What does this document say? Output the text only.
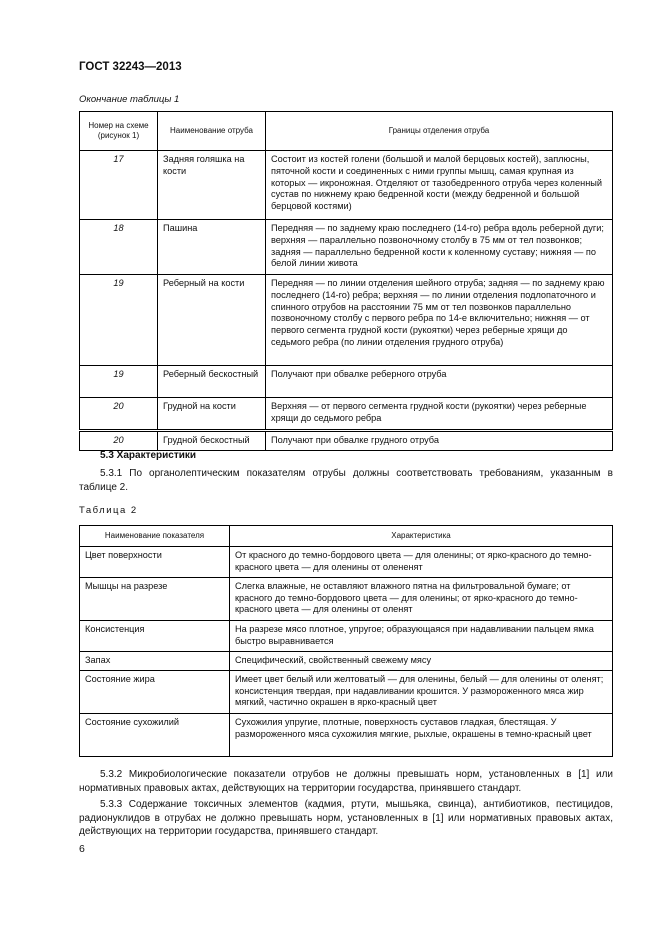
ГОСТ 32243—2013
Окончание таблицы 1
Номер на схеме (рисунок 1)	Наименование отруба	Границы отделения отруба
17	Задняя голяшка на кости	Состоит из костей голени (большой и малой берцовых костей), заплюсны, пяточной кости и соединенных с ними группы мышц, самая крупная из которых — икроножная. Отделяют от тазобедренного отруба через коленный сустав по нижнему краю бедренной кости (между бедренной и большой берцовой костями)
18	Пашина	Передняя — по заднему краю последнего (14-го) ребра вдоль реберной дуги; верхняя — параллельно позвоночному столбу в 75 мм от тел позвонков; задняя — параллельно бедренной кости к коленному суставу; нижняя — по белой линии живота
19	Реберный на кости	Передняя — по линии отделения шейного отруба; задняя — по заднему краю последнего (14-го) ребра; верхняя — по линии отделения подлопаточного и спинного отрубов на расстоянии 75 мм от тел позвонков параллельно позвоночному столбу с первого ребра по 14-е включительно; нижняя — от первого сегмента грудной кости (рукоятки) через реберные хрящи до седьмого ребра (по линии отделения грудного отруба)
19	Реберный бескостный	Получают при обвалке реберного отруба
20	Грудной на кости	Верхняя — от первого сегмента грудной кости (рукоятки) через реберные хрящи до седьмого ребра
20	Грудной бескостный	Получают при обвалке грудного отруба
5.3 Характеристики
5.3.1 По органолептическим показателям отрубы должны соответствовать требованиям, указанным в таблице 2.
Таблица 2
Наименование показателя	Характеристика
Цвет поверхности	От красного до темно-бордового цвета — для оленины; от ярко-красного до темно-красного цвета — для оленины от олененят
Мышцы на разрезе	Слегка влажные, не оставляют влажного пятна на фильтровальной бумаге; от красного до темно-бордового цвета — для оленины; от ярко-красного до темно-красного цвета — для оленины от оленят
Консистенция	На разрезе мясо плотное, упругое; образующаяся при надавливании пальцем ямка быстро выравнивается
Запах	Специфический, свойственный свежему мясу
Состояние жира	Имеет цвет белый или желтоватый — для оленины, белый — для оленины от оленят; консистенция твердая, при надавливании крошится. У размороженного мяса жир мягкий, частично окрашен в ярко-красный цвет
Состояние сухожилий	Сухожилия упругие, плотные, поверхность суставов гладкая, блестящая. У размороженного мяса сухожилия мягкие, рыхлые, окрашены в темно-красный цвет
5.3.2 Микробиологические показатели отрубов не должны превышать норм, установленных в [1] или нормативных правовых актах, действующих на территории государства, принявшего стандарт.
5.3.3 Содержание токсичных элементов (кадмия, ртути, мышьяка, свинца), антибиотиков, пестицидов, радионуклидов в отрубах не должно превышать норм, установленных в [1] или нормативных правовых актах, действующих на территории государства, принявшего стандарт.
6
